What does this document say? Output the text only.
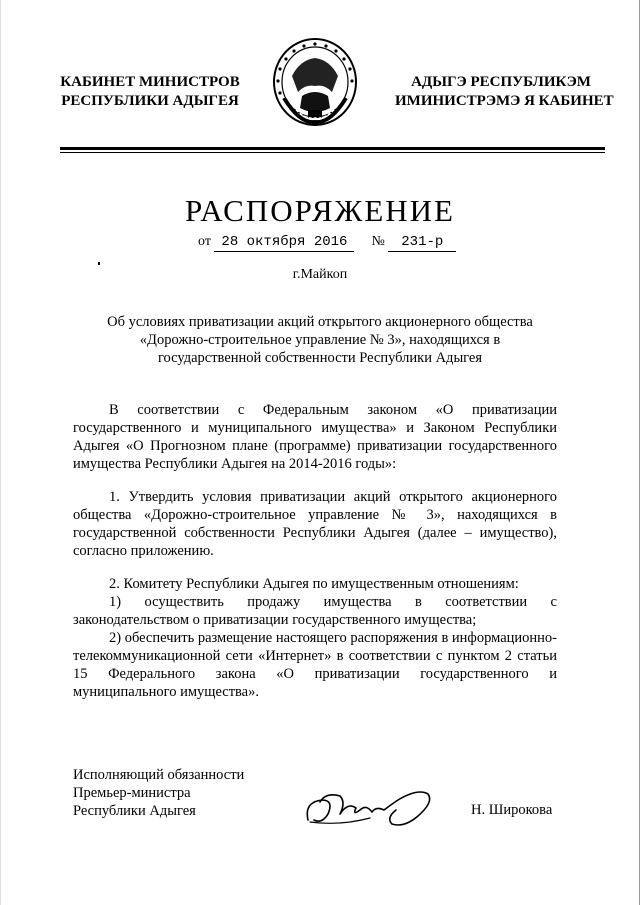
КАБИНЕТ МИНИСТРОВ
РЕСПУБЛИКИ АДЫГЕЯ
АДЫГЭ РЕСПУБЛИКЭМ
ИМИНИСТРЭМЭ Я КАБИНЕТ
РАСПОРЯЖЕНИЕ
от 28 октября 2016 № 231-р
г.Майкоп
Об условиях приватизации акций открытого акционерного общества
«Дорожно-строительное управление № 3», находящихся в
государственной собственности Республики Адыгея
В соответствии с Федеральным законом «О приватизации государственного и муниципального имущества» и Законом Республики Адыгея «О Прогнозном плане (программе) приватизации государственного имущества Республики Адыгея на 2014-2016 годы»:
1. Утвердить условия приватизации акций открытого акционерного общества «Дорожно-строительное управление № 3», находящихся в государственной собственности Республики Адыгея (далее – имущество), согласно приложению.
2. Комитету Республики Адыгея по имущественным отношениям:
1) осуществить продажу имущества в соответствии с законодательством о приватизации государственного имущества;
2) обеспечить размещение настоящего распоряжения в информационно-телекоммуникационной сети «Интернет» в соответствии с пунктом 2 статьи 15 Федерального закона «О приватизации государственного и муниципального имущества».
Исполняющий обязанности
Премьер-министра
Республики Адыгея	Н. Широкова
